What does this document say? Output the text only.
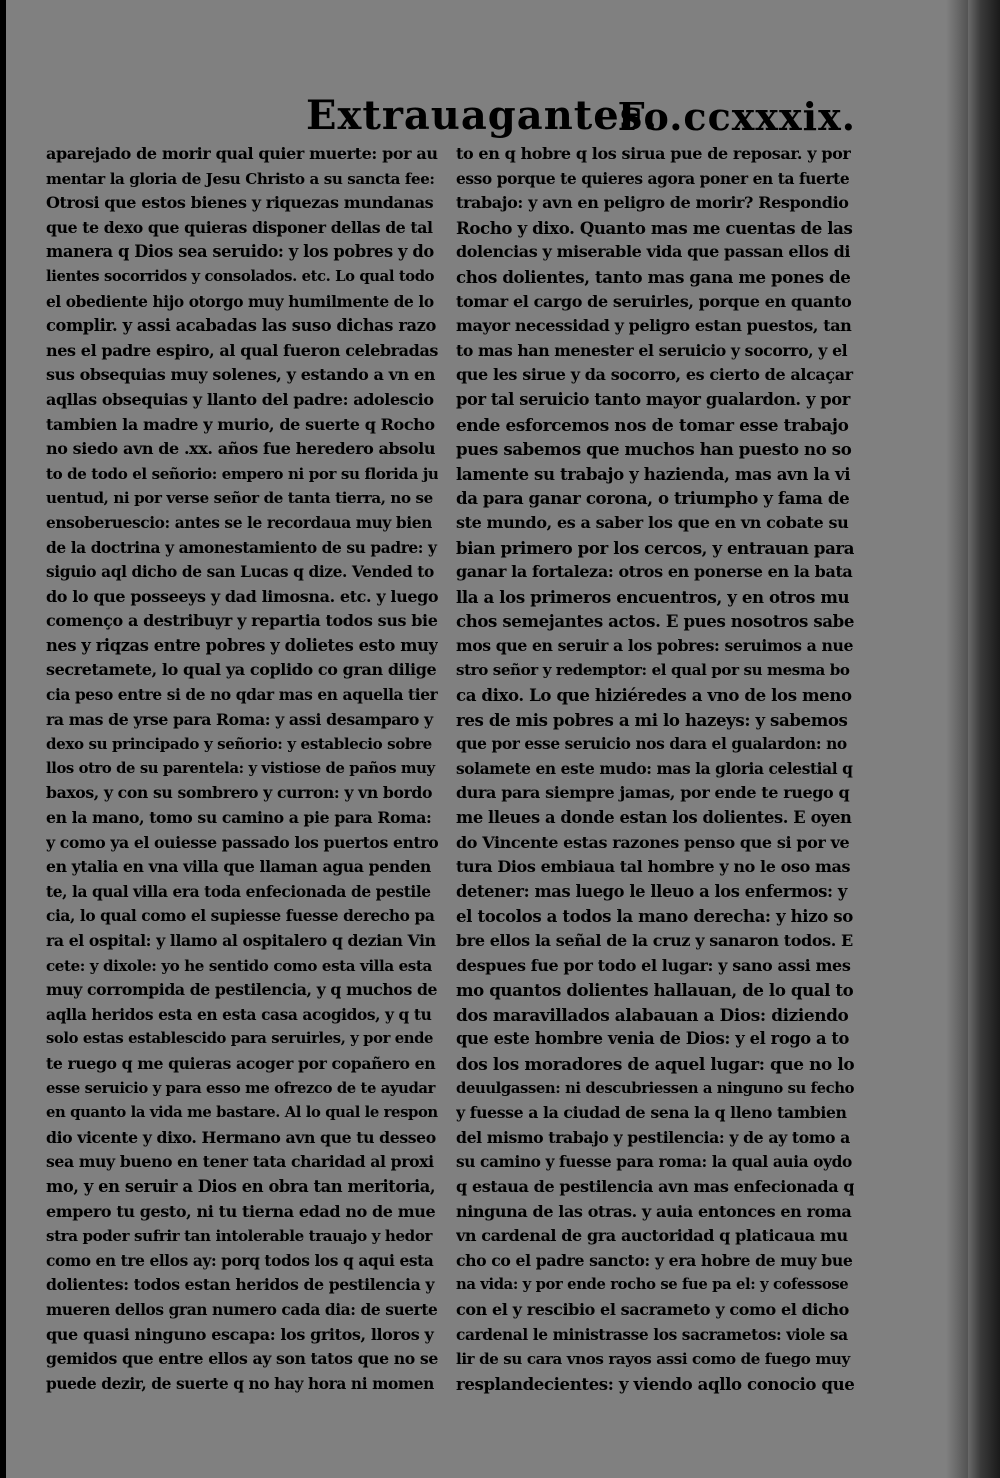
Extrauagantes.
Fo.ccxxxix.
aparejado de morir qual quier muerte: por au
mentar la gloria de Jesu Christo a su sancta fee:
Otrosi que estos bienes y riquezas mundanas
que te dexo que quieras disponer dellas de tal
manera q Dios sea seruido: y los pobres y do
lientes socorridos y consolados. etc. Lo qual todo
el obediente hijo otorgo muy humilmente de lo
complir. y assi acabadas las suso dichas razo
nes el padre espiro, al qual fueron celebradas
sus obsequias muy solenes, y estando a vn en
aqllas obsequias y llanto del padre: adolescio
tambien la madre y murio, de suerte q Rocho
no siedo avn de .xx. años fue heredero absolu
to de todo el señorio: empero ni por su florida ju
uentud, ni por verse señor de tanta tierra, no se
ensoberuescio: antes se le recordaua muy bien
de la doctrina y amonestamiento de su padre: y
siguio aql dicho de san Lucas q dize. Vended to
do lo que posseeys y dad limosna. etc. y luego
començo a destribuyr y repartia todos sus bie
nes y riqzas entre pobres y dolietes esto muy
secretamete, lo qual ya coplido co gran dilige
cia peso entre si de no qdar mas en aquella tier
ra mas de yrse para Roma: y assi desamparo y
dexo su principado y señorio: y establecio sobre
llos otro de su parentela: y vistiose de paños muy
baxos, y con su sombrero y curron: y vn bordo
en la mano, tomo su camino a pie para Roma:
y como ya el ouiesse passado los puertos entro
en ytalia en vna villa que llaman agua penden
te, la qual villa era toda enfecionada de pestile
cia, lo qual como el supiesse fuesse derecho pa
ra el ospital: y llamo al ospitalero q dezian Vin
cete: y dixole: yo he sentido como esta villa esta
muy corrompida de pestilencia, y q muchos de
aqlla heridos esta en esta casa acogidos, y q tu
solo estas establescido para seruirles, y por ende
te ruego q me quieras acoger por copañero en
esse seruicio y para esso me ofrezco de te ayudar
en quanto la vida me bastare. Al lo qual le respon
dio vicente y dixo. Hermano avn que tu desseo
sea muy bueno en tener tata charidad al proxi
mo, y en seruir a Dios en obra tan meritoria,
empero tu gesto, ni tu tierna edad no de mue
stra poder sufrir tan intolerable trauajo y hedor
como en tre ellos ay: porq todos los q aqui esta
dolientes: todos estan heridos de pestilencia y
mueren dellos gran numero cada dia: de suerte
que quasi ninguno escapa: los gritos, lloros y
gemidos que entre ellos ay son tatos que no se
puede dezir, de suerte q no hay hora ni momen
to en q hobre q los sirua pue de reposar. y por
esso porque te quieres agora poner en ta fuerte
trabajo: y avn en peligro de morir? Respondio
Rocho y dixo. Quanto mas me cuentas de las
dolencias y miserable vida que passan ellos di
chos dolientes, tanto mas gana me pones de
tomar el cargo de seruirles, porque en quanto
mayor necessidad y peligro estan puestos, tan
to mas han menester el seruicio y socorro, y el
que les sirue y da socorro, es cierto de alcaçar
por tal seruicio tanto mayor gualardon. y por
ende esforcemos nos de tomar esse trabajo
pues sabemos que muchos han puesto no so
lamente su trabajo y hazienda, mas avn la vi
da para ganar corona, o triumpho y fama de
ste mundo, es a saber los que en vn cobate su
bian primero por los cercos, y entrauan para
ganar la fortaleza: otros en ponerse en la bata
lla a los primeros encuentros, y en otros mu
chos semejantes actos. E pues nosotros sabe
mos que en seruir a los pobres: seruimos a nue
stro señor y redemptor: el qual por su mesma bo
ca dixo. Lo que hiziéredes a vno de los meno
res de mis pobres a mi lo hazeys: y sabemos
que por esse seruicio nos dara el gualardon: no
solamete en este mudo: mas la gloria celestial q
dura para siempre jamas, por ende te ruego q
me lleues a donde estan los dolientes. E oyen
do Vincente estas razones penso que si por ve
tura Dios embiaua tal hombre y no le oso mas
detener: mas luego le lleuo a los enfermos: y
el tocolos a todos la mano derecha: y hizo so
bre ellos la señal de la cruz y sanaron todos. E
despues fue por todo el lugar: y sano assi mes
mo quantos dolientes hallauan, de lo qual to
dos maravillados alabauan a Dios: diziendo
que este hombre venia de Dios: y el rogo a to
dos los moradores de aquel lugar: que no lo
deuulgassen: ni descubriessen a ninguno su fecho
y fuesse a la ciudad de sena la q lleno tambien
del mismo trabajo y pestilencia: y de ay tomo a
su camino y fuesse para roma: la qual auia oydo
q estaua de pestilencia avn mas enfecionada q
ninguna de las otras. y auia entonces en roma
vn cardenal de gra auctoridad q platicaua mu
cho co el padre sancto: y era hobre de muy bue
na vida: y por ende rocho se fue pa el: y cofessose
con el y rescibio el sacrameto y como el dicho
cardenal le ministrasse los sacrametos: viole sa
lir de su cara vnos rayos assi como de fuego muy
resplandecientes: y viendo aqllo conocio que
